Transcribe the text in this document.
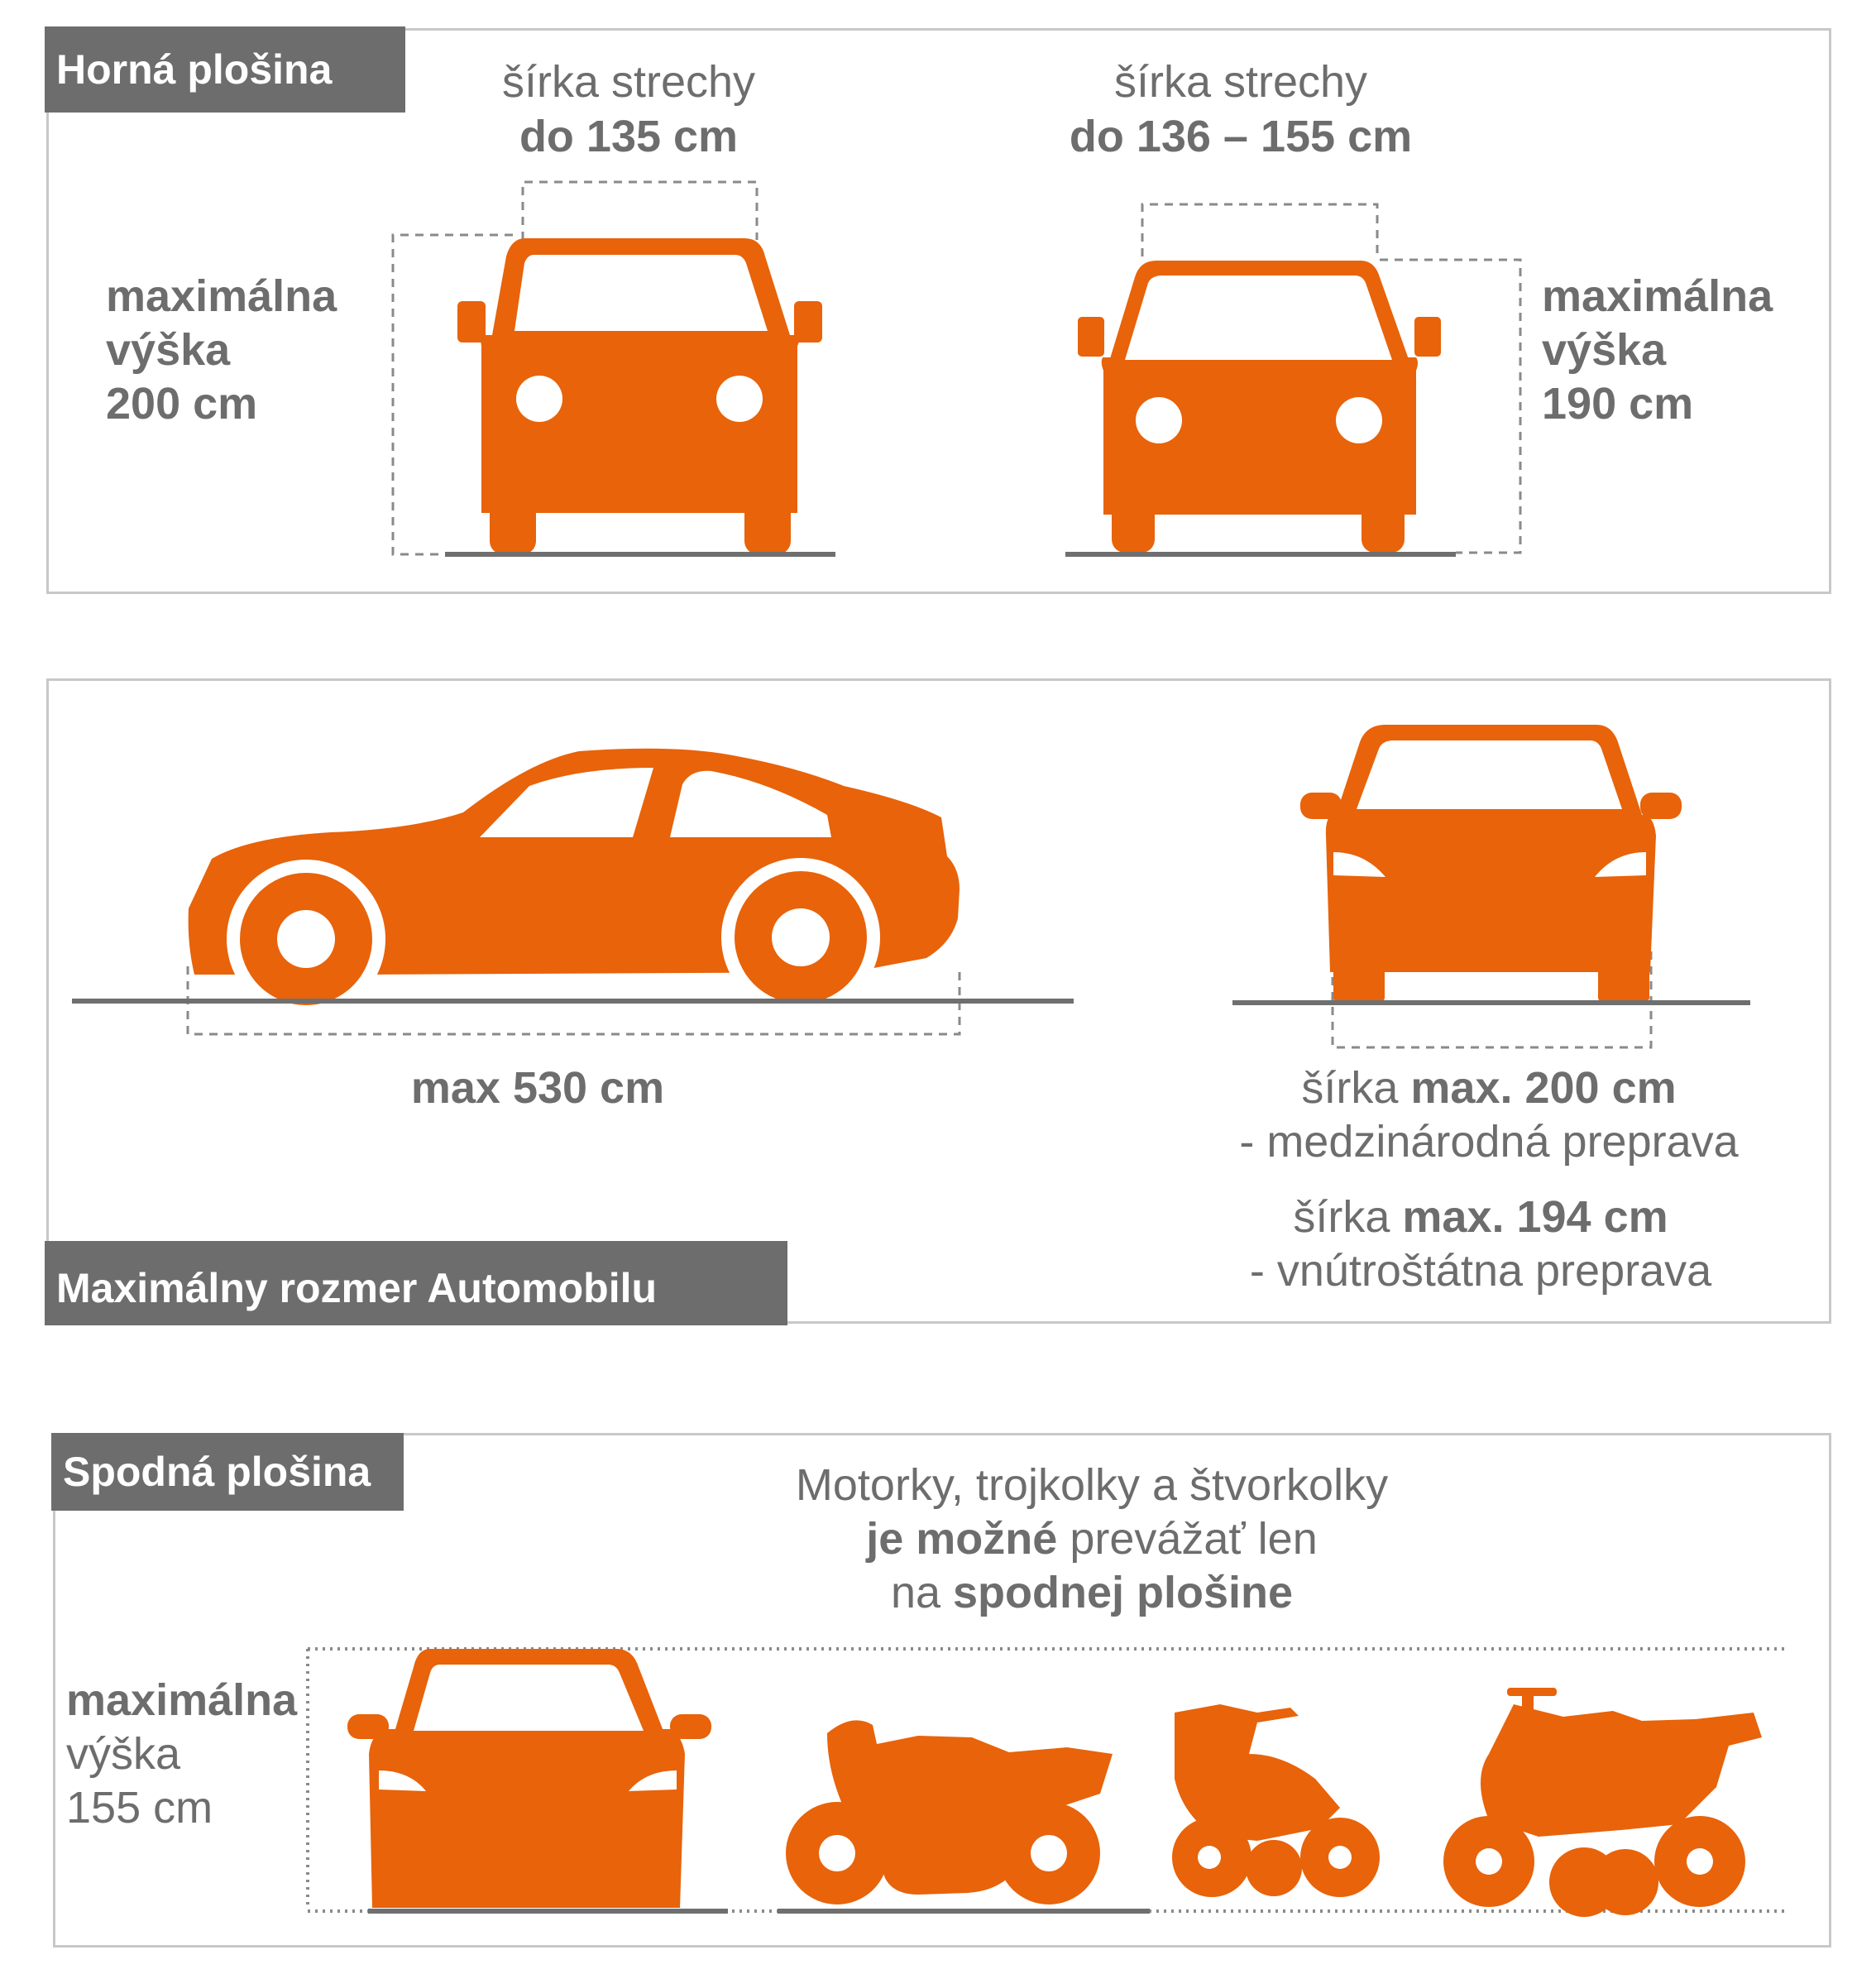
Horná plošina	šírka strechy
do 135 cm
šírka strechy
do 136 – 155 cm
maximálna
výška
200 cm
maximálna
výška
190 cm
Maximálny rozmer Automobilu
max 530 cm	šírka max. 200 cm
- medzinárodná preprava
šírka max. 194 cm
- vnútroštátna preprava
Spodná plošina	Motorky, trojkolky a štvorkolky
je možné prevážať len
na spodnej plošine
maximálna
výška
155 cm
